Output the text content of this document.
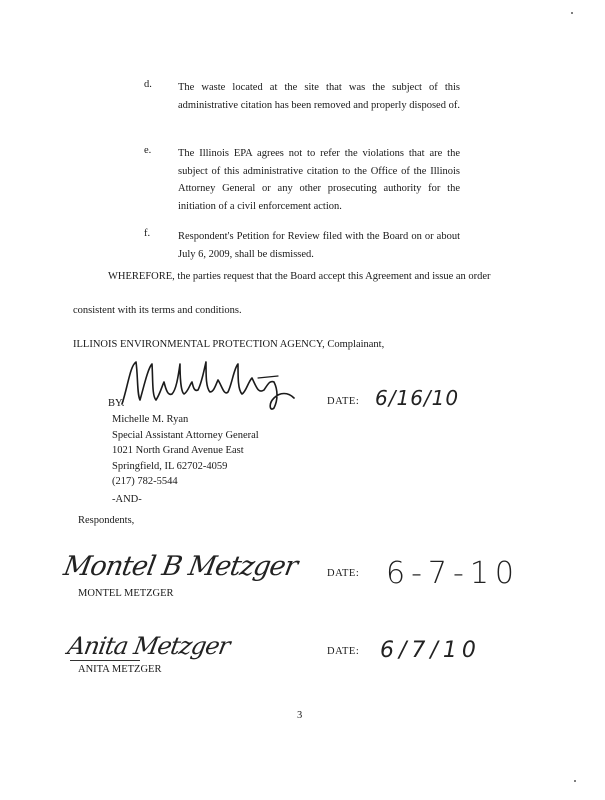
d. The waste located at the site that was the subject of this administrative citation has been removed and properly disposed of.
e.	The Illinois EPA agrees not to refer the violations that are the subject of this administrative citation to the Office of the Illinois Attorney General or any other prosecuting authority for the initiation of a civil enforcement action.
f.	Respondent's Petition for Review filed with the Board on or about July 6, 2009, shall be dismissed.
WHEREFORE, the parties request that the Board accept this Agreement and issue an order
consistent with its terms and conditions.
ILLINOIS ENVIRONMENTAL PROTECTION AGENCY, Complainant,
BY:	DATE: 6/16/10
Michelle M. Ryan
Special Assistant Attorney General
1021 North Grand Avenue East
Springfield, IL 62702-4059
(217) 782-5544
-AND-
Respondents,
Montel B Metzger
MONTEL METZGER
DATE: 6-7-10
Anita Metzger
ANITA METZGER
DATE: 6/7/10
3
